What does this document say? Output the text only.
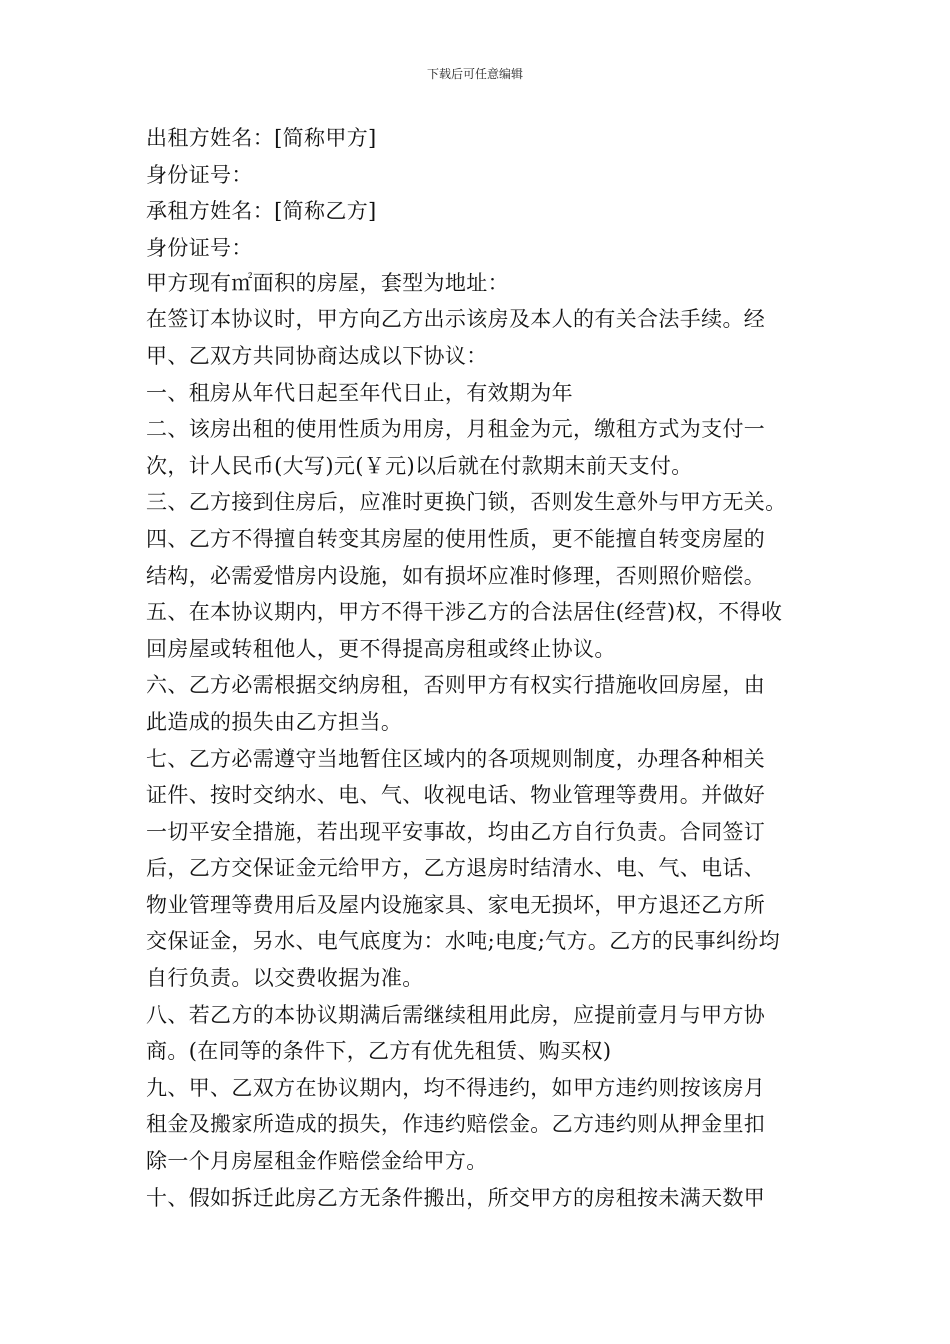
下载后可任意编辑
出租方姓名：[简称甲方]
身份证号：
承租方姓名：[简称乙方]
身份证号：
甲方现有㎡面积的房屋，套型为地址：
在签订本协议时，甲方向乙方出示该房及本人的有关合法手续。经
甲、乙双方共同协商达成以下协议：
一、租房从年代日起至年代日止，有效期为年
二、该房出租的使用性质为用房，月租金为元，缴租方式为支付一
次，计人民币(大写)元(￥元)以后就在付款期末前天支付。
三、乙方接到住房后，应准时更换门锁，否则发生意外与甲方无关。
四、乙方不得擅自转变其房屋的使用性质，更不能擅自转变房屋的
结构，必需爱惜房内设施，如有损坏应准时修理，否则照价赔偿。
五、在本协议期内，甲方不得干涉乙方的合法居住(经营)权，不得收
回房屋或转租他人，更不得提高房租或终止协议。
六、乙方必需根据交纳房租，否则甲方有权实行措施收回房屋，由
此造成的损失由乙方担当。
七、乙方必需遵守当地暂住区域内的各项规则制度，办理各种相关
证件、按时交纳水、电、气、收视电话、物业管理等费用。并做好
一切平安全措施，若出现平安事故，均由乙方自行负责。合同签订
后，乙方交保证金元给甲方，乙方退房时结清水、电、气、电话、
物业管理等费用后及屋内设施家具、家电无损坏，甲方退还乙方所
交保证金，另水、电气底度为：水吨;电度;气方。乙方的民事纠纷均
自行负责。以交费收据为准。
八、若乙方的本协议期满后需继续租用此房，应提前壹月与甲方协
商。(在同等的条件下，乙方有优先租赁、购买权)
九、甲、乙双方在协议期内，均不得违约，如甲方违约则按该房月
租金及搬家所造成的损失，作违约赔偿金。乙方违约则从押金里扣
除一个月房屋租金作赔偿金给甲方。
十、假如拆迁此房乙方无条件搬出，所交甲方的房租按未满天数甲
